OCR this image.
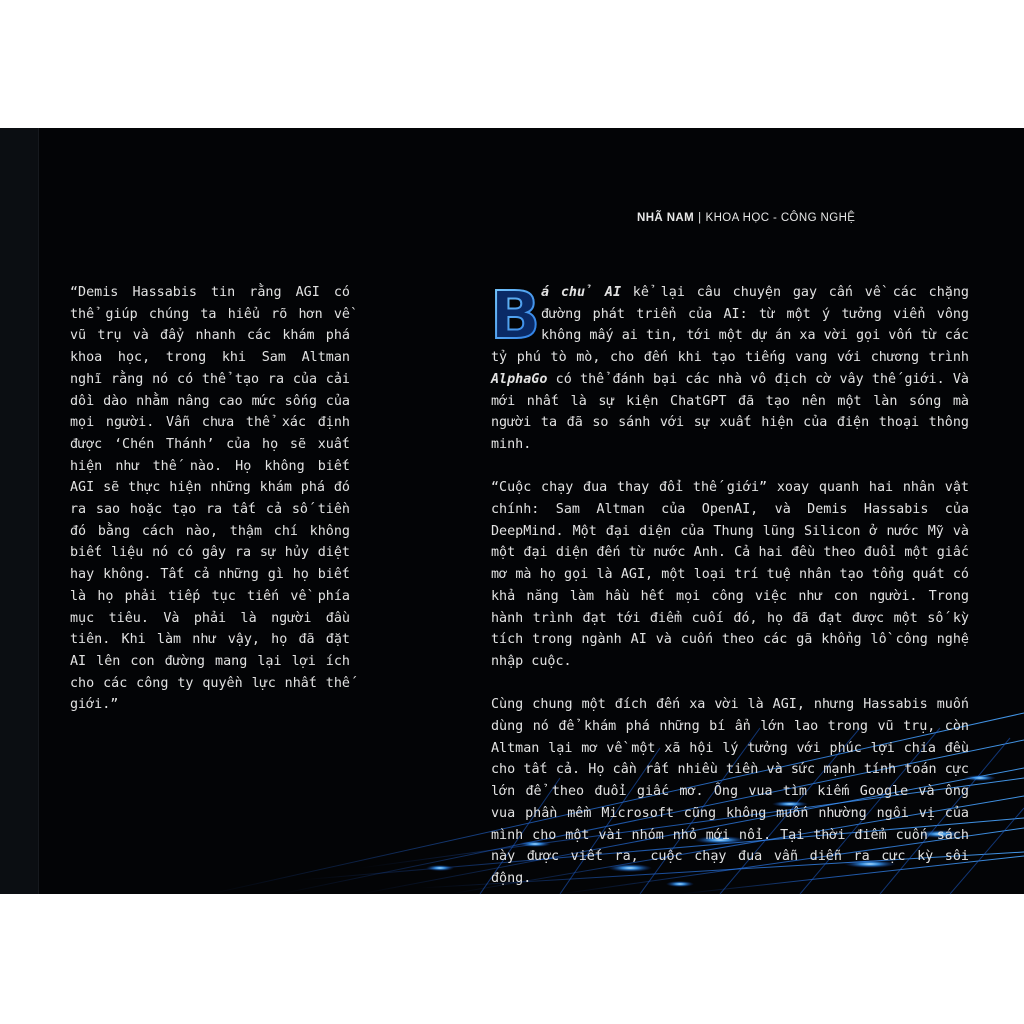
NHÃ NAM | KHOA HỌC - CÔNG NGHỆ

“Demis Hassabis tin rằng AGI có thể giúp chúng ta hiểu rõ hơn về vũ trụ và đẩy nhanh các khám phá khoa học, trong khi Sam Altman nghĩ rằng nó có thể tạo ra của cải dồi dào nhằm nâng cao mức sống của mọi người. Vẫn chưa thể xác định được ‘Chén Thánh’ của họ sẽ xuất hiện như thế nào. Họ không biết AGI sẽ thực hiện những khám phá đó ra sao hoặc tạo ra tất cả số tiền đó bằng cách nào, thậm chí không biết liệu nó có gây ra sự hủy diệt hay không. Tất cả những gì họ biết là họ phải tiếp tục tiến về phía mục tiêu. Và phải là người đầu tiên. Khi làm như vậy, họ đã đặt AI lên con đường mang lại lợi ích cho các công ty quyền lực nhất thế giới.”

B á chủ AI kể lại câu chuyện gay cấn về các chặng đường phát triển của AI: từ một ý tưởng viển vông không mấy ai tin, tới một dự án xa vời gọi vốn từ các tỷ phú tò mò, cho đến khi tạo tiếng vang với chương trình AlphaGo có thể đánh bại các nhà vô địch cờ vây thế giới. Và mới nhất là sự kiện ChatGPT đã tạo nên một làn sóng mà người ta đã so sánh với sự xuất hiện của điện thoại thông minh.

“Cuộc chạy đua thay đổi thế giới” xoay quanh hai nhân vật chính: Sam Altman của OpenAI, và Demis Hassabis của DeepMind. Một đại diện của Thung lũng Silicon ở nước Mỹ và một đại diện đến từ nước Anh. Cả hai đều theo đuổi một giấc mơ mà họ gọi là AGI, một loại trí tuệ nhân tạo tổng quát có khả năng làm hầu hết mọi công việc như con người. Trong hành trình đạt tới điểm cuối đó, họ đã đạt được một số kỳ tích trong ngành AI và cuốn theo các gã khổng lồ công nghệ nhập cuộc.

Cùng chung một đích đến xa vời là AGI, nhưng Hassabis muốn dùng nó để khám phá những bí ẩn lớn lao trong vũ trụ, còn Altman lại mơ về một xã hội lý tưởng với phúc lợi chia đều cho tất cả. Họ cần rất nhiều tiền và sức mạnh tính toán cực lớn để theo đuổi giấc mơ. Ông vua tìm kiếm Google và ông vua phần mềm Microsoft cũng không muốn nhường ngôi vị của mình cho một vài nhóm nhỏ mới nổi. Tại thời điểm cuốn sách này được viết ra, cuộc chạy đua vẫn diễn ra cực kỳ sôi động.
